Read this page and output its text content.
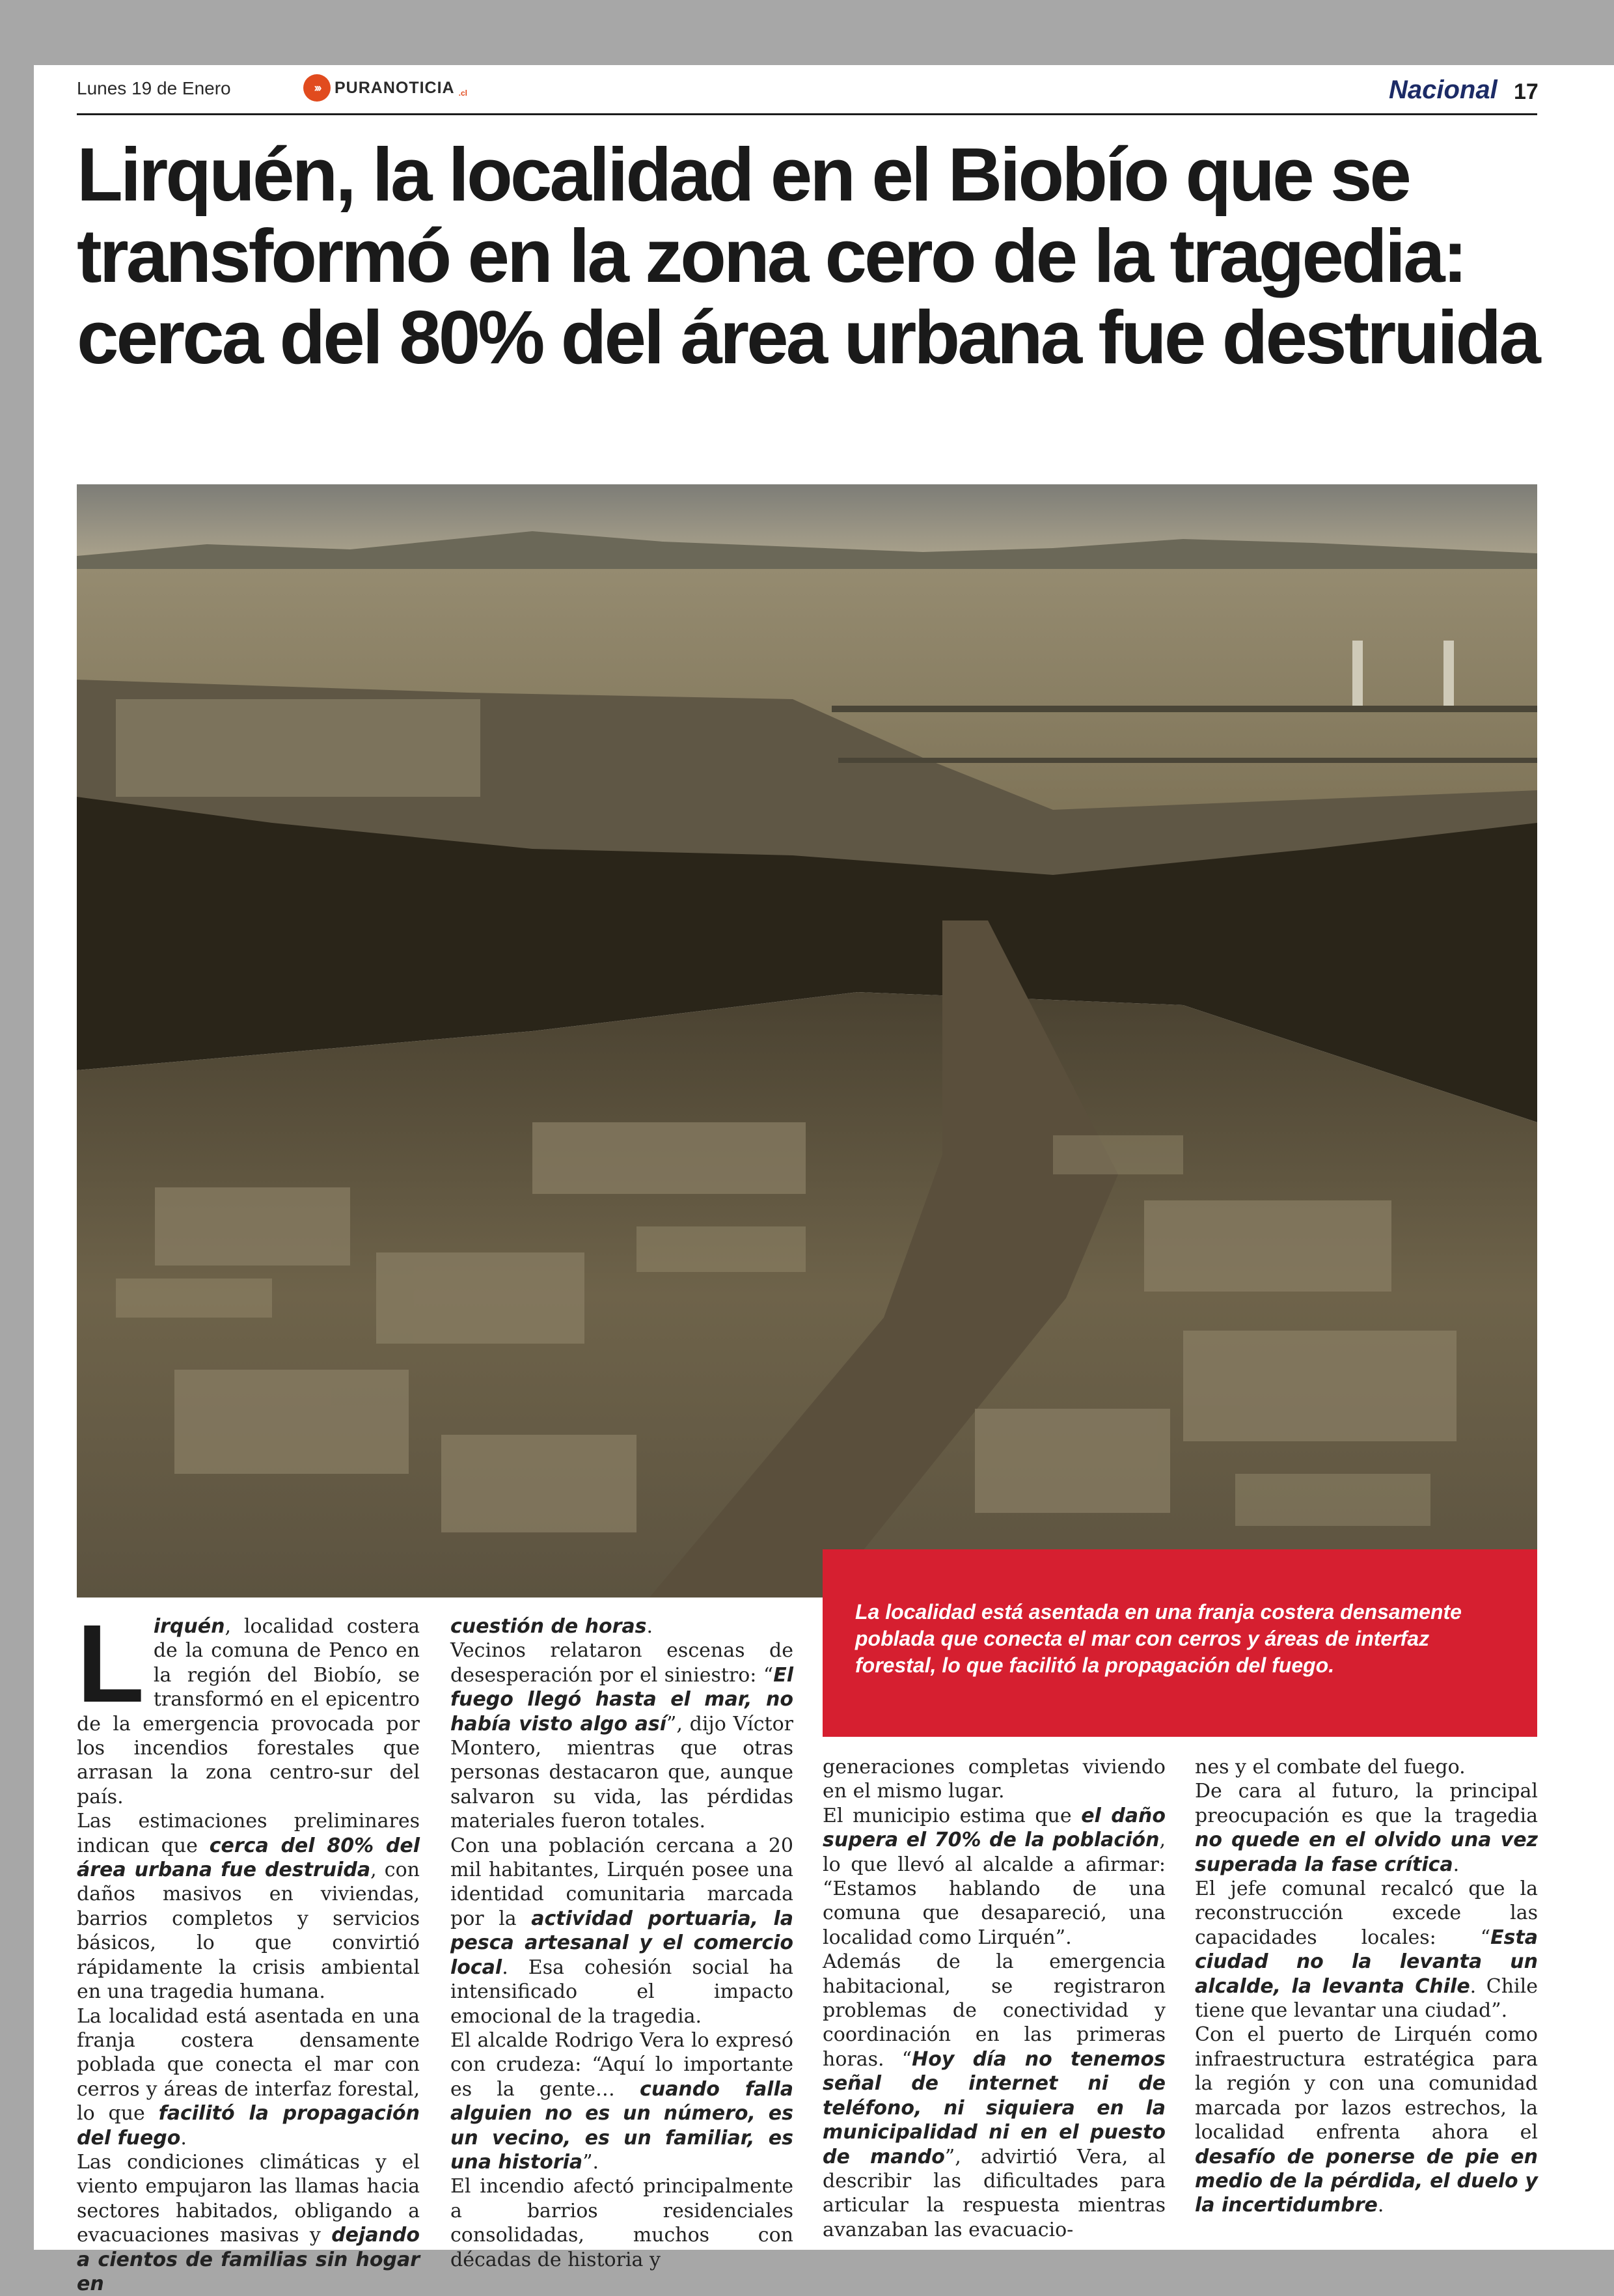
Lunes 19 de Enero	››› PURANOTICIA .cl	Nacional 17
Lirquén, la localidad en el Biobío que se transformó en la zona cero de la tragedia: cerca del 80% del área urbana fue destruida
La localidad está asentada en una franja costera densamente poblada que conecta el mar con cerros y áreas de interfaz forestal, lo que facilitó la propagación del fuego.
L irquén, localidad costera de la comuna de Penco en la región del Biobío, se transformó en el epicentro de la emergencia provocada por los incendios forestales que arrasan la zona centro-sur del país.

Las estimaciones preliminares indican que cerca del 80% del área urbana fue destruida, con daños masivos en viviendas, barrios completos y servicios básicos, lo que convirtió rápidamente la crisis ambiental en una tragedia humana.

La localidad está asentada en una franja costera densamente poblada que conecta el mar con cerros y áreas de interfaz forestal, lo que facilitó la propagación del fuego.

Las condiciones climáticas y el viento empujaron las llamas hacia sectores habitados, obligando a evacuaciones masivas y dejando a cientos de familias sin hogar en

cuestión de horas.

Vecinos relataron escenas de desesperación por el siniestro: “El fuego llegó hasta el mar, no había visto algo así”, dijo Víctor Montero, mientras que otras personas destacaron que, aunque salvaron su vida, las pérdidas materiales fueron totales.

Con una población cercana a 20 mil habitantes, Lirquén posee una identidad comunitaria marcada por la actividad portuaria, la pesca artesanal y el comercio local. Esa cohesión social ha intensificado el impacto emocional de la tragedia.

El alcalde Rodrigo Vera lo expresó con crudeza: “Aquí lo importante es la gente… cuando falla alguien no es un número, es un vecino, es un familiar, es una historia”.

El incendio afectó principalmente a barrios residenciales consolidadas, muchos con décadas de historia y

generaciones completas viviendo en el mismo lugar.

El municipio estima que el daño supera el 70% de la población, lo que llevó al alcalde a afirmar: “Estamos hablando de una comuna que desapareció, una localidad como Lirquén”.

Además de la emergencia habitacional, se registraron problemas de conectividad y coordinación en las primeras horas. “Hoy día no tenemos señal de internet ni de teléfono, ni siquiera en la municipalidad ni en el puesto de mando”, advirtió Vera, al describir las dificultades para articular la respuesta mientras avanzaban las evacuacio-

nes y el combate del fuego.

De cara al futuro, la principal preocupación es que la tragedia no quede en el olvido una vez superada la fase crítica.

El jefe comunal recalcó que la reconstrucción excede las capacidades locales: “Esta ciudad no la levanta un alcalde, la levanta Chile. Chile tiene que levantar una ciudad”.

Con el puerto de Lirquén como infraestructura estratégica para la región y con una comunidad marcada por lazos estrechos, la localidad enfrenta ahora el desafío de ponerse de pie en medio de la pérdida, el duelo y la incertidumbre.
